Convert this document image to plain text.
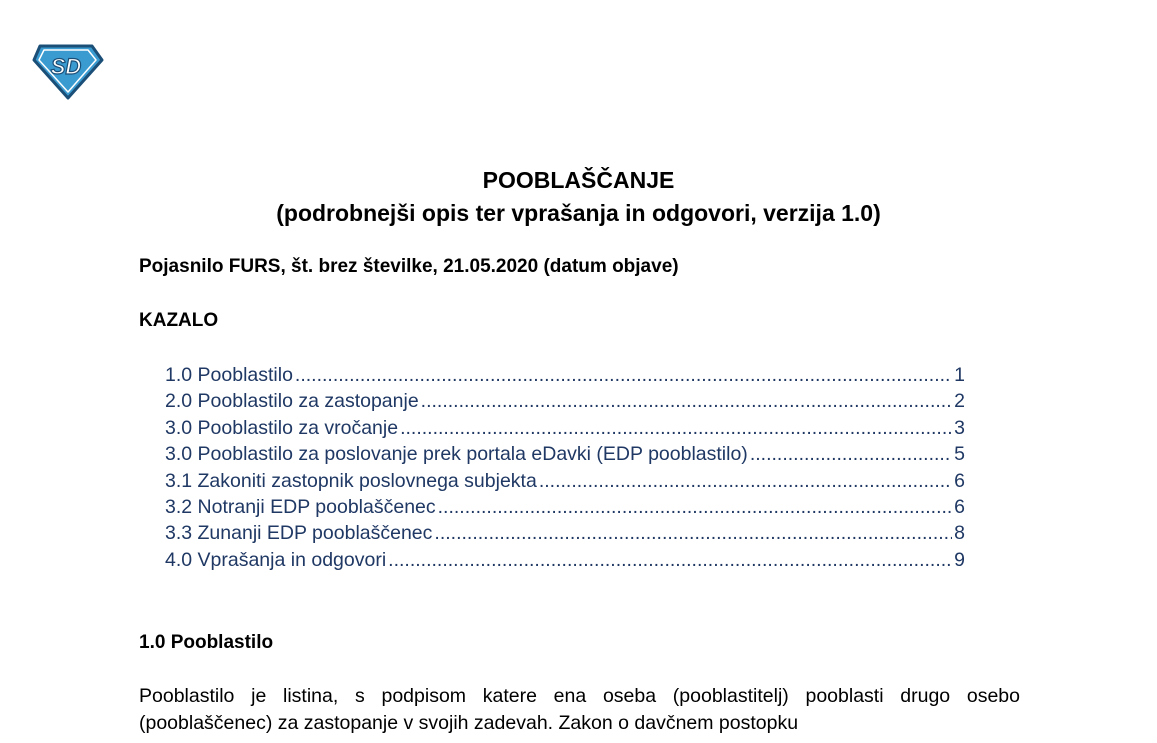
SD
POOBLAŠČANJE
(podrobnejši opis ter vprašanja in odgovori, verzija 1.0)
Pojasnilo FURS, št. brez številke, 21.05.2020 (datum objave)
KAZALO
1.0 Pooblastilo .....	1
2.0 Pooblastilo za zastopanje .....	2
3.0 Pooblastilo za vročanje .....	3
3.0 Pooblastilo za poslovanje prek portala eDavki (EDP pooblastilo) .....	5
3.1 Zakoniti zastopnik poslovnega subjekta .....	6
3.2 Notranji EDP pooblaščenec .....	6
3.3 Zunanji EDP pooblaščenec .....	8
4.0 Vprašanja in odgovori .....	9
1.0 Pooblastilo

Pooblastilo je listina, s podpisom katere ena oseba (pooblastitelj) pooblasti drugo osebo (pooblaščenec) za zastopanje v svojih zadevah. Zakon o davčnem postopku
